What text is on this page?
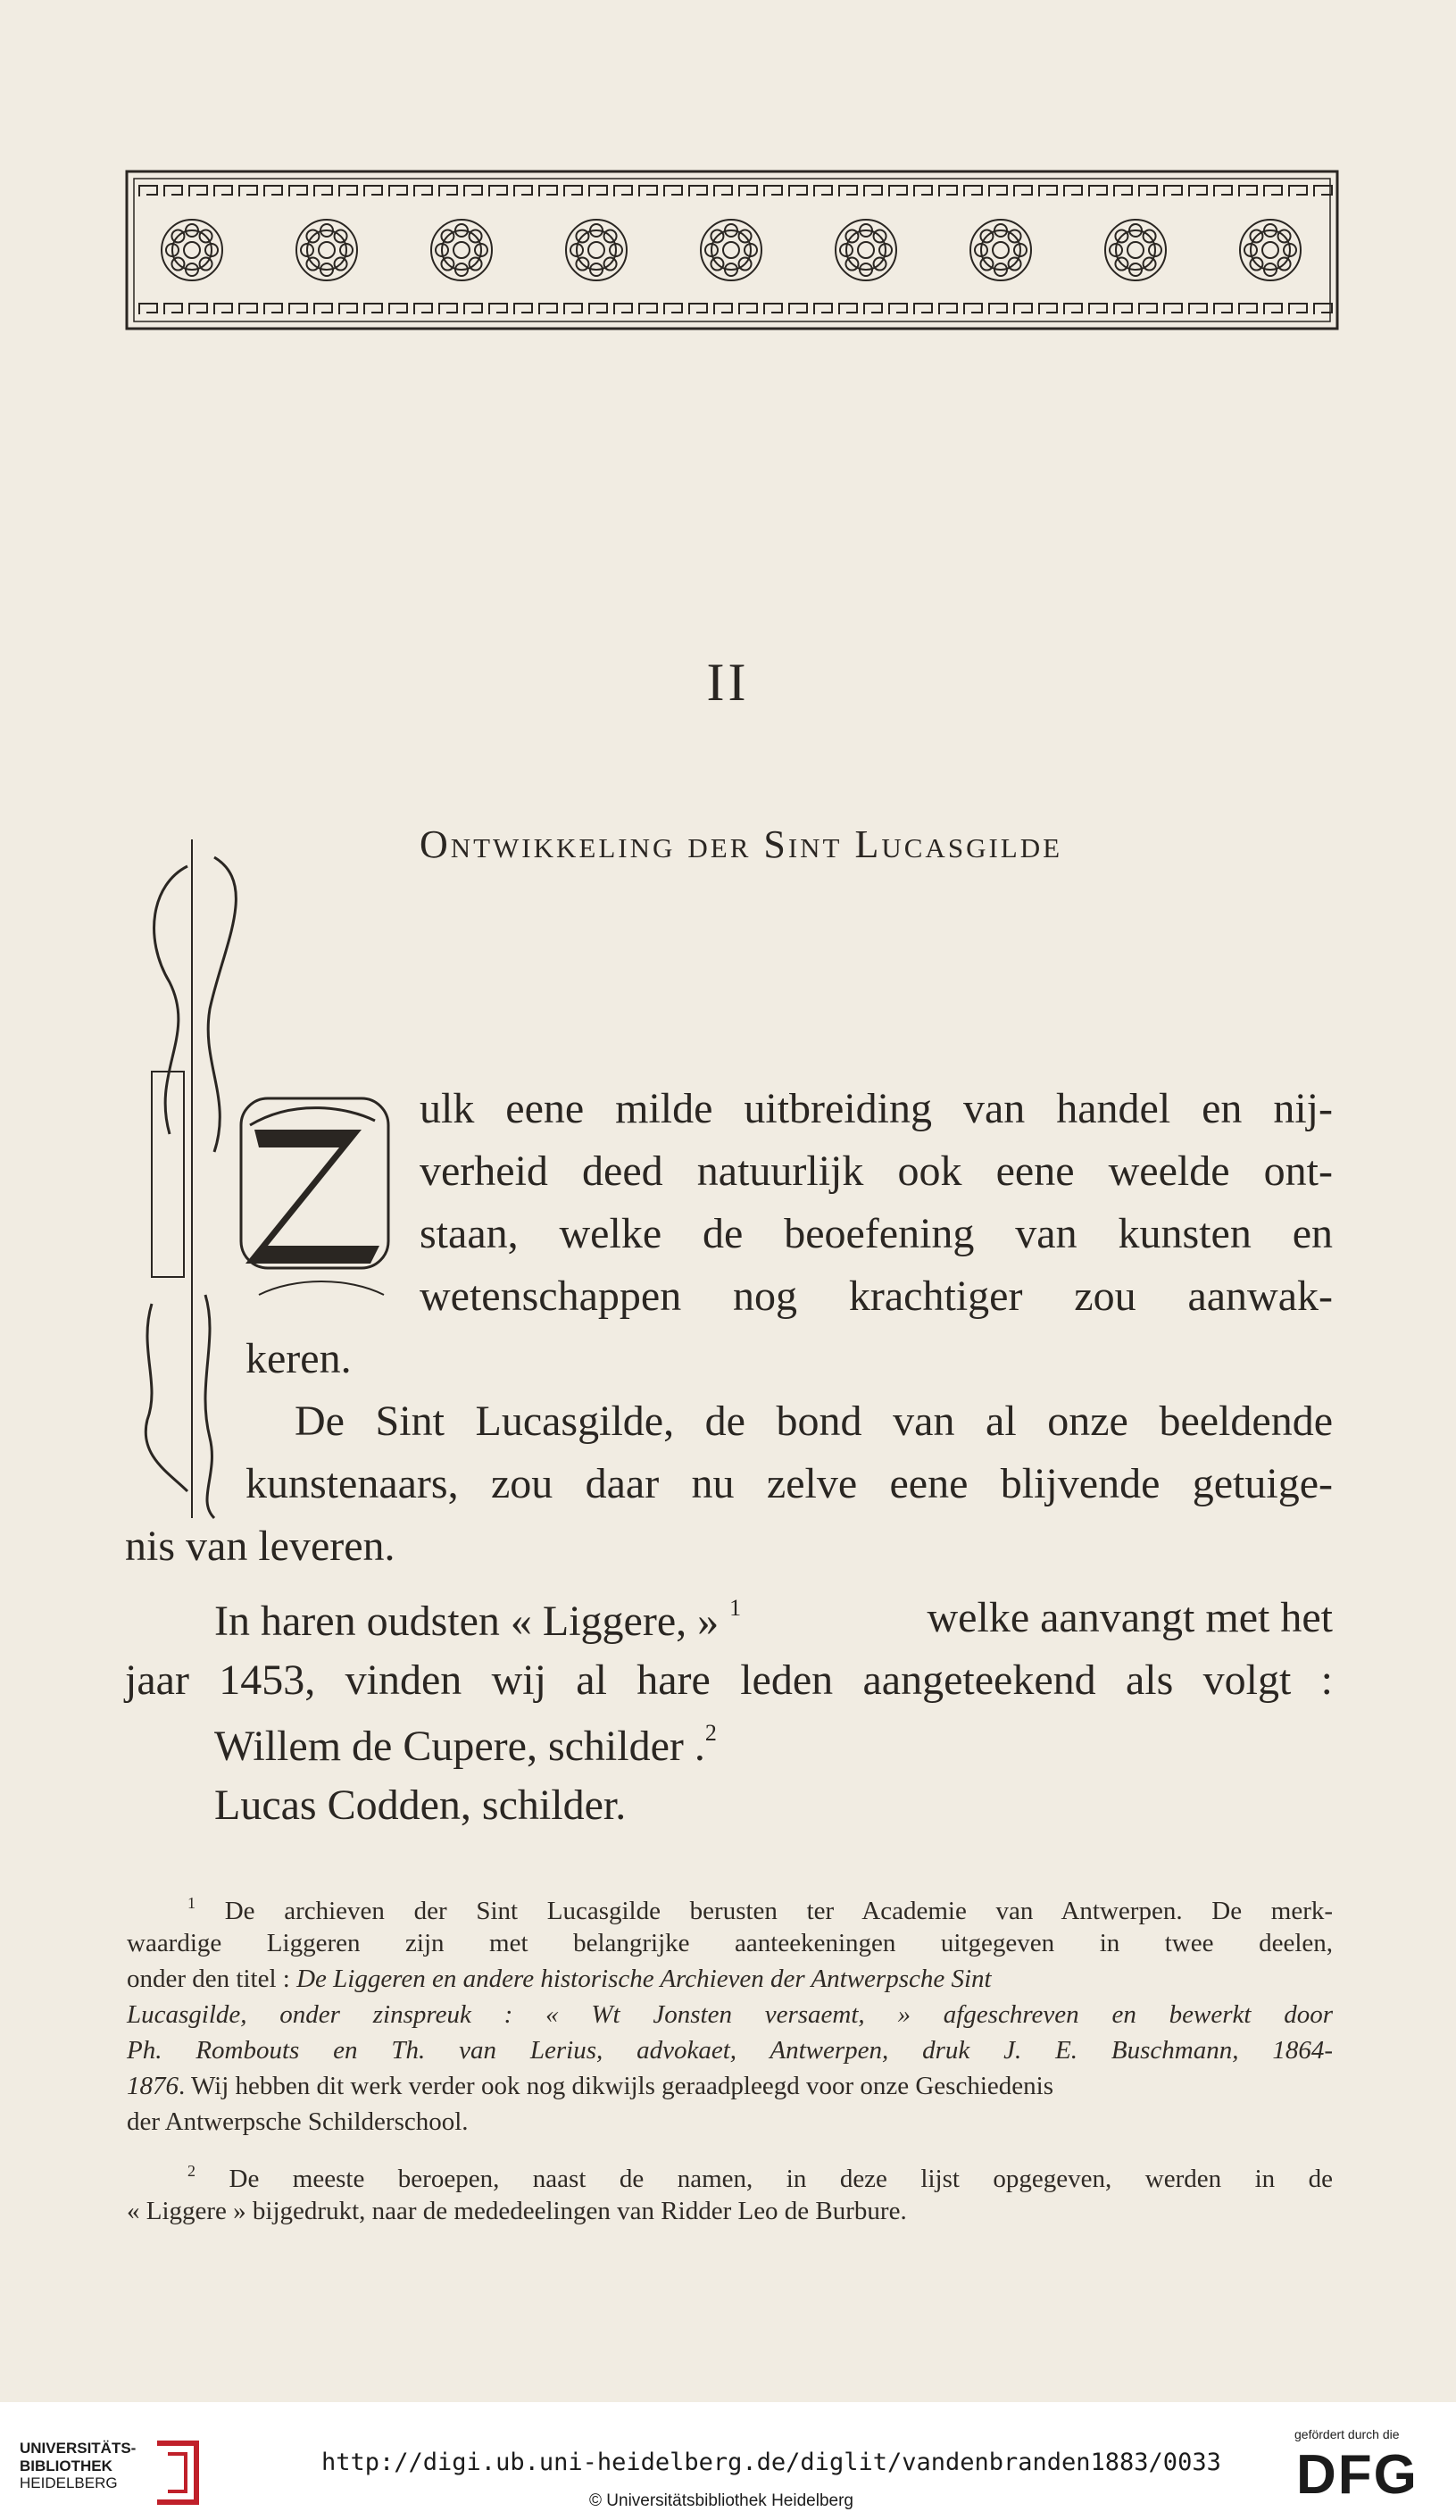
II
Ontwikkeling der Sint Lucasgilde
ulk eene milde uitbreiding van handel en nij-
verheid deed natuurlijk ook eene weelde ont-
staan, welke de beoefening van kunsten en
wetenschappen nog krachtiger zou aanwak-
keren.
De Sint Lucasgilde, de bond van al onze beeldende
kunstenaars, zou daar nu zelve eene blijvende getuige-
nis van leveren.
In haren oudsten « Liggere, » $^1$	welke aanvangt met het
jaar 1453, vinden wij al hare leden aangeteekend als volgt :
Willem de Cupere, schilder .$^2$
Lucas Codden, schilder.
$^1$ De archieven der Sint Lucasgilde berusten ter Academie van Antwerpen. De merk-
waardige Liggeren zijn met belangrijke aanteekeningen uitgegeven in twee deelen,
onder den titel : De Liggeren en andere historische Archieven der Antwerpsche Sint
Lucasgilde, onder zinspreuk : « Wt Jonsten versaemt, » afgeschreven en bewerkt door
Ph. Rombouts en Th. van Lerius, advokaet, Antwerpen, druk J. E. Buschmann, 1864-
1876. Wij hebben dit werk verder ook nog dikwijls geraadpleegd voor onze Geschiedenis
der Antwerpsche Schilderschool.
$^2$ De meeste beroepen, naast de namen, in deze lijst opgegeven, werden in de
« Liggere » bijgedrukt, naar de mededeelingen van Ridder Leo de Burbure.
UNIVERSITÄTS-
BIBLIOTHEK
HEIDELBERG
http://digi.ub.uni-heidelberg.de/diglit/vandenbranden1883/0033
© Universitätsbibliothek Heidelberg
gefördert durch die
DFG
